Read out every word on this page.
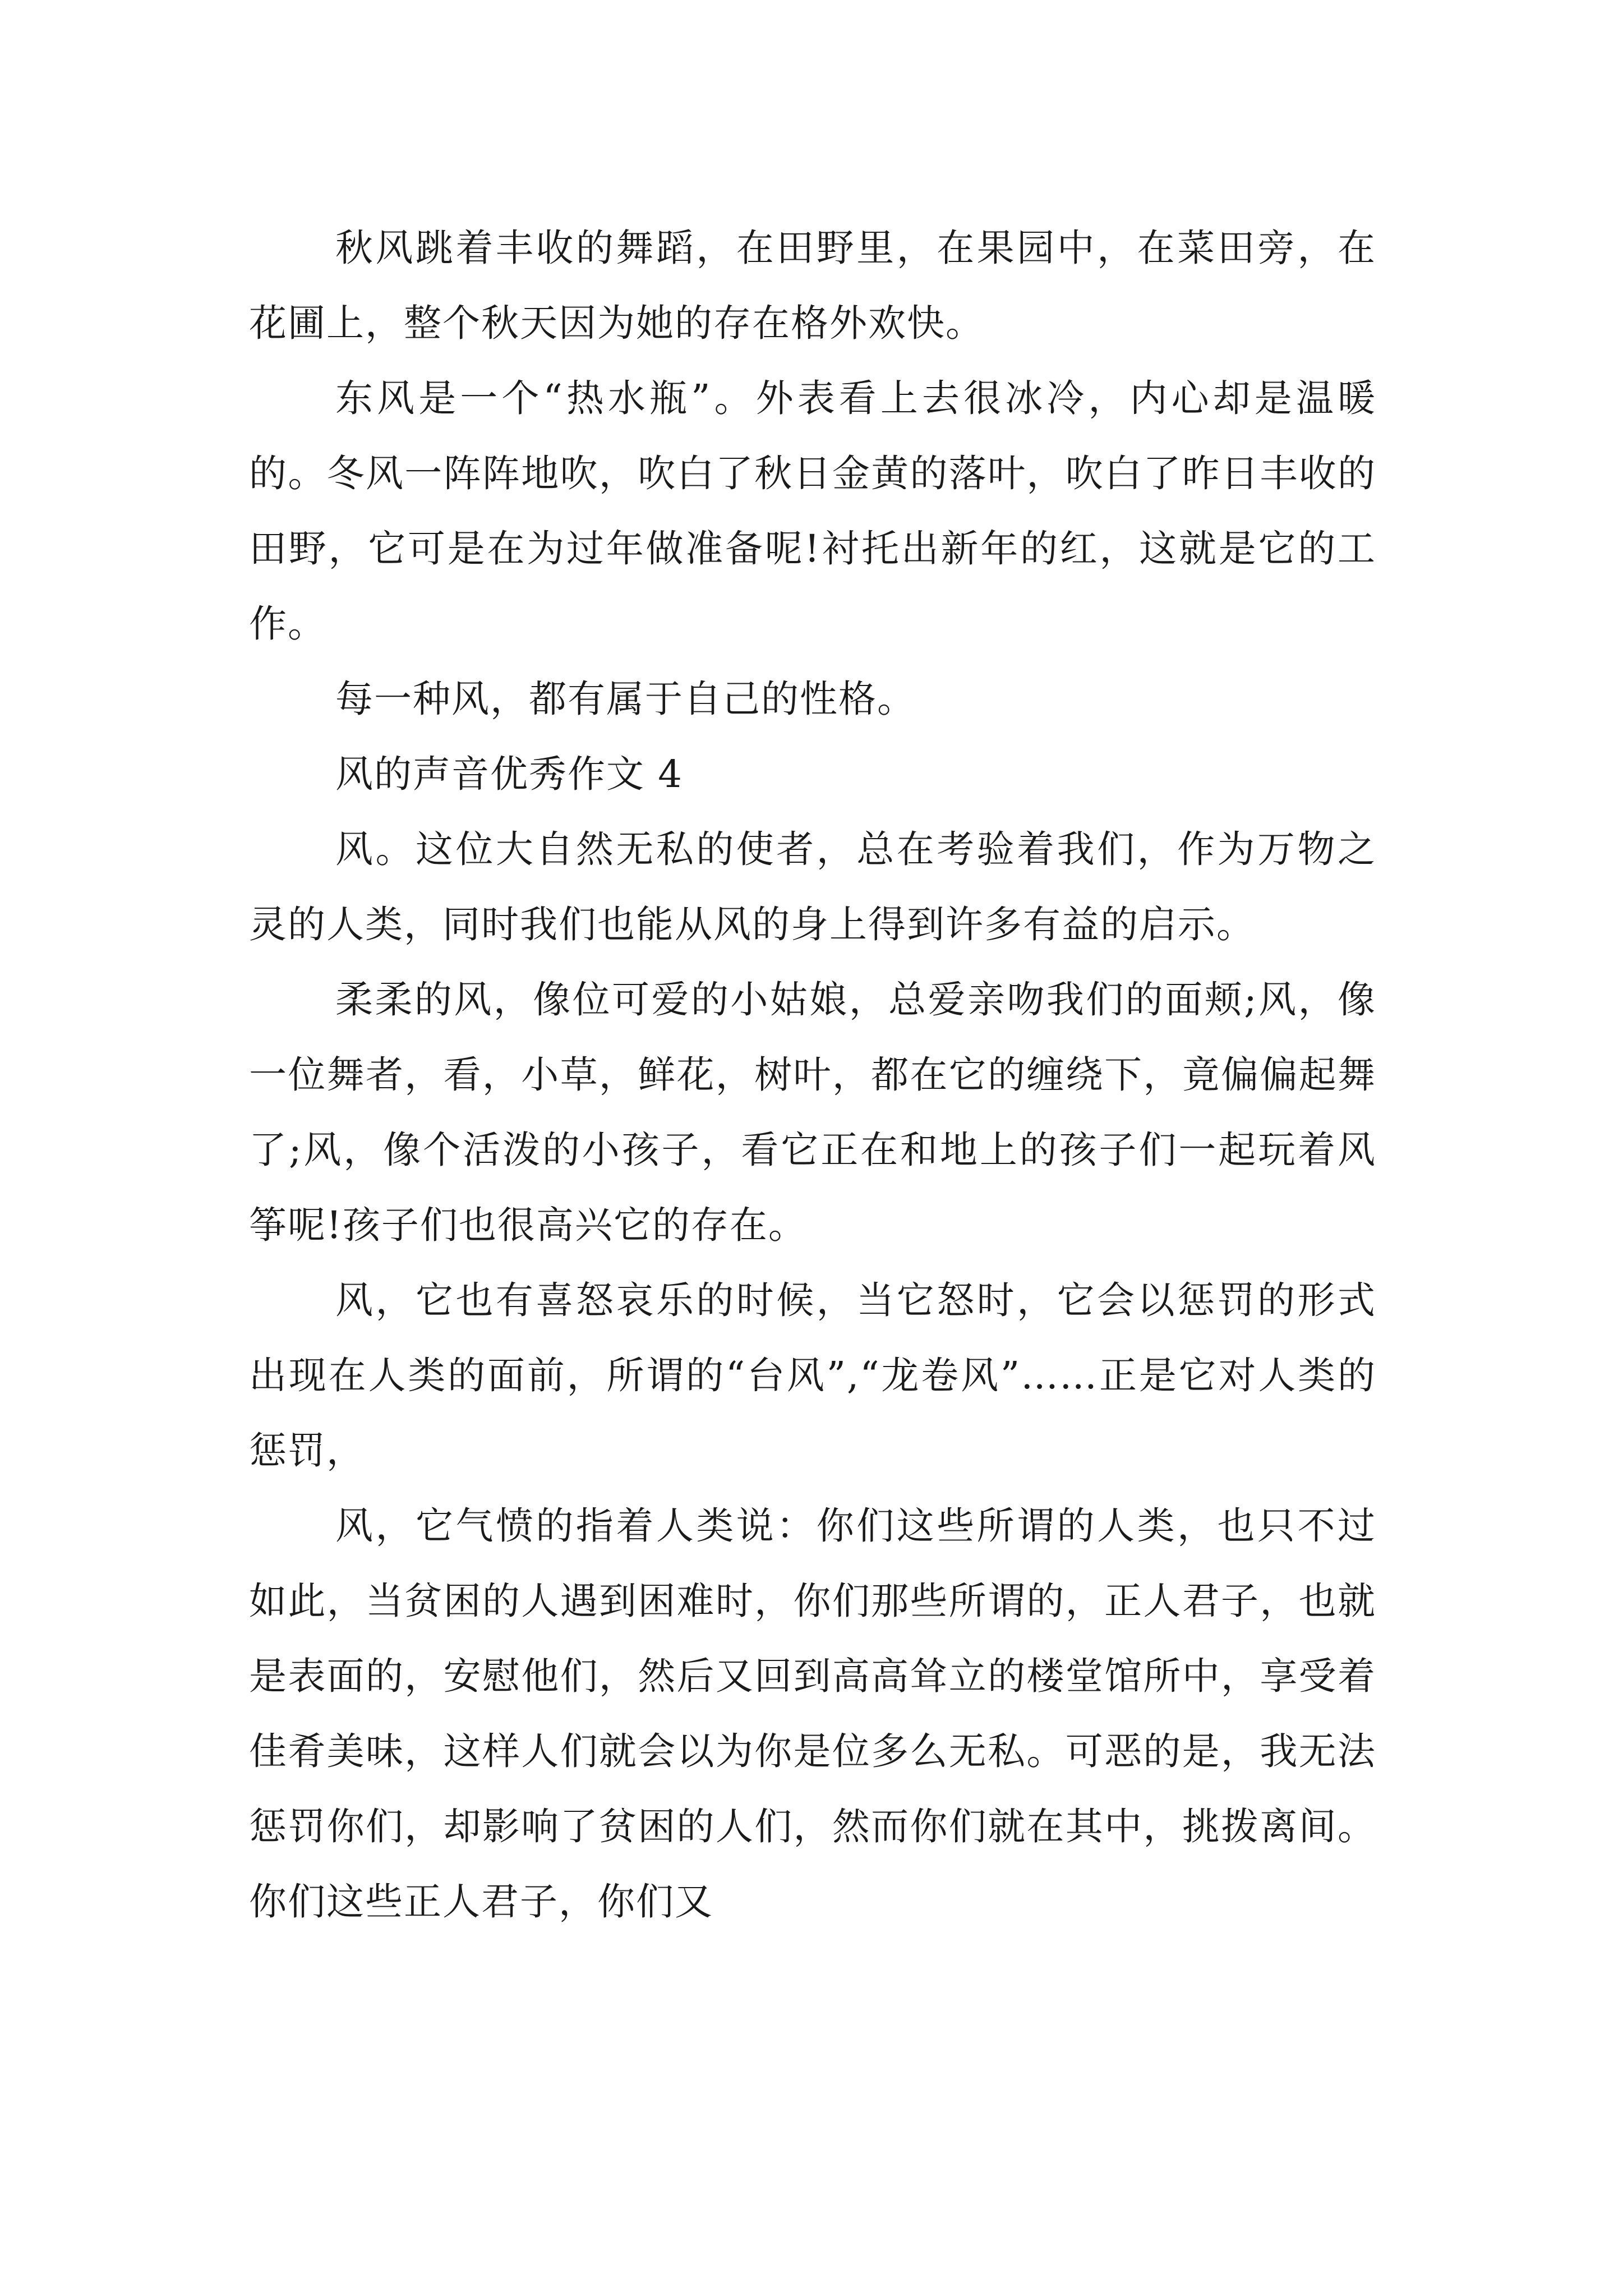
秋风跳着丰收的舞蹈，在田野里，在果园中，在菜田旁，在花圃上，整个秋天因为她的存在格外欢快。

东风是一个“热水瓶”。外表看上去很冰冷，内心却是温暖的。冬风一阵阵地吹，吹白了秋日金黄的落叶，吹白了昨日丰收的田野，它可是在为过年做准备呢!衬托出新年的红，这就是它的工作。

每一种风，都有属于自己的性格。

风的声音优秀作文 4

风。这位大自然无私的使者，总在考验着我们，作为万物之灵的人类，同时我们也能从风的身上得到许多有益的启示。

柔柔的风，像位可爱的小姑娘，总爱亲吻我们的面颊;风，像一位舞者，看，小草，鲜花，树叶，都在它的缠绕下，竟偏偏起舞了;风，像个活泼的小孩子，看它正在和地上的孩子们一起玩着风筝呢!孩子们也很高兴它的存在。

风，它也有喜怒哀乐的时候，当它怒时，它会以惩罚的形式出现在人类的面前，所谓的“台风”,“龙卷风”……正是它对人类的惩罚，

风，它气愤的指着人类说：你们这些所谓的人类，也只不过如此，当贫困的人遇到困难时，你们那些所谓的，正人君子，也就是表面的，安慰他们，然后又回到高高耸立的楼堂馆所中，享受着佳肴美味，这样人们就会以为你是位多么无私。可恶的是，我无法惩罚你们，却影响了贫困的人们，然而你们就在其中，挑拨离间。你们这些正人君子，你们又
